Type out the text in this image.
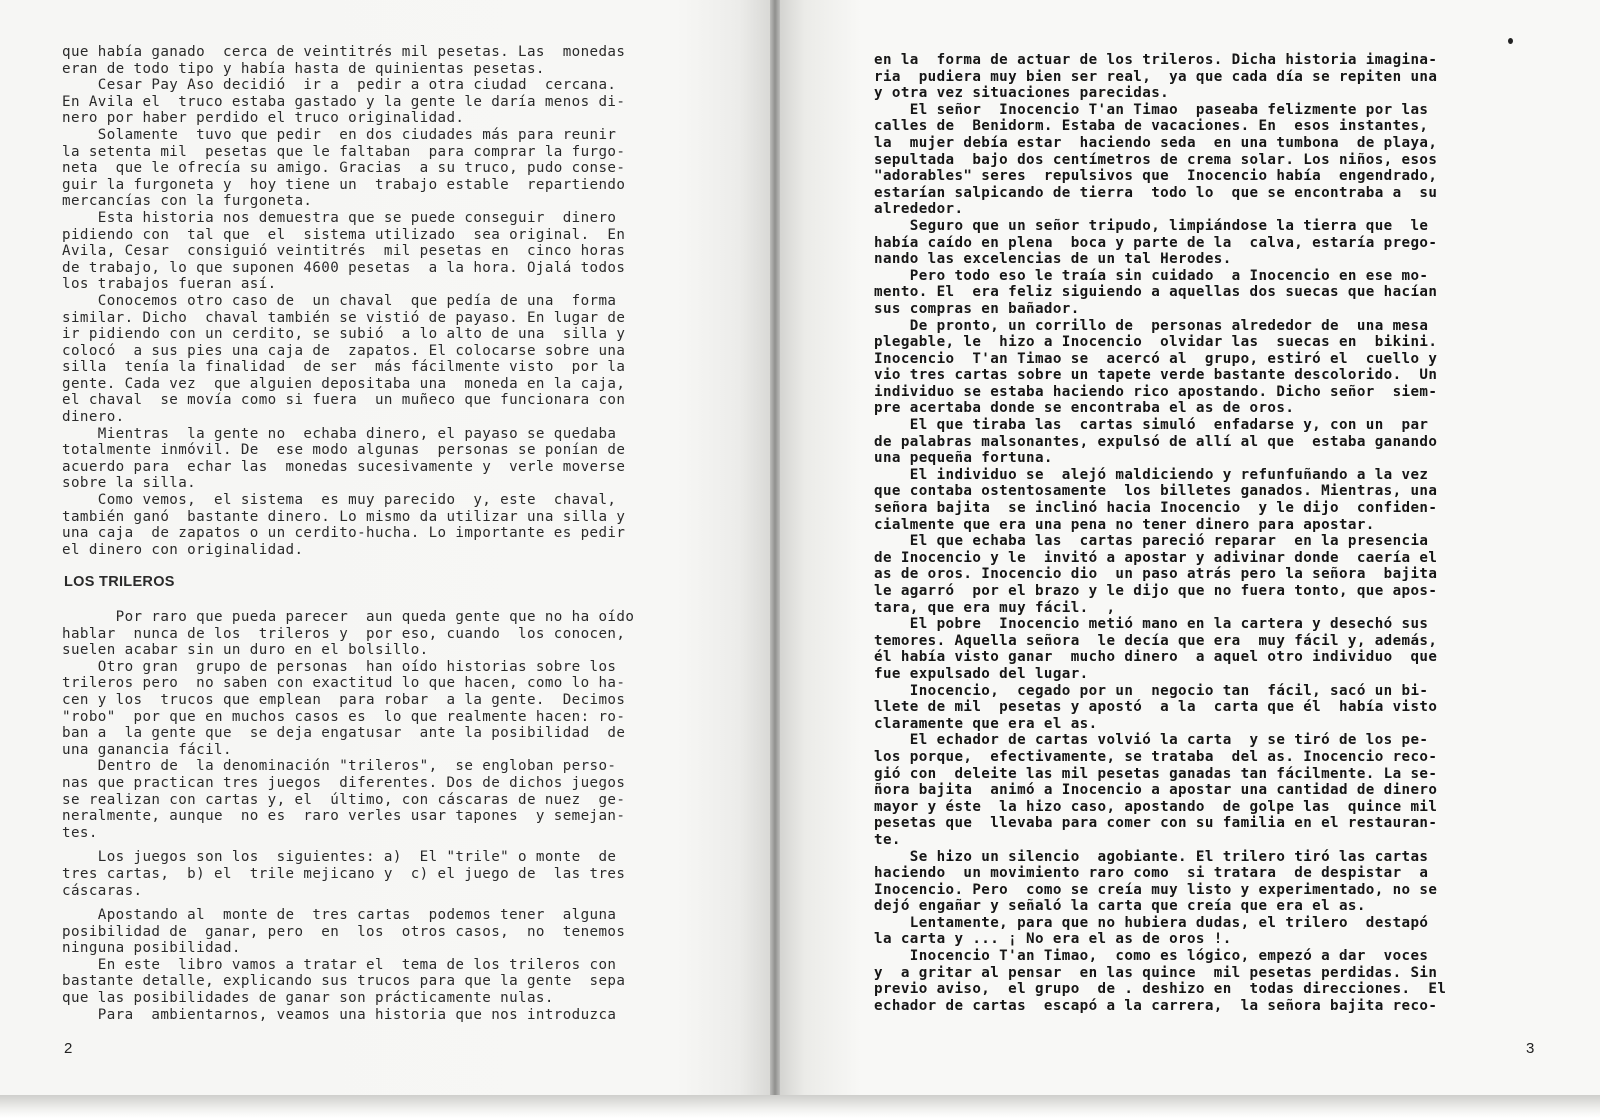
que había ganado  cerca de veintitrés mil pesetas. Las  monedas
eran de todo tipo y había hasta de quinientas pesetas.
Cesar Pay Aso decidió  ir a  pedir a otra ciudad  cercana.
En Avila el  truco estaba gastado y la gente le daría menos di-
nero por haber perdido el truco originalidad.
Solamente  tuvo que pedir  en dos ciudades más para reunir
la setenta mil  pesetas que le faltaban  para comprar la furgo-
neta  que le ofrecía su amigo. Gracias  a su truco, pudo conse-
guir la furgoneta y  hoy tiene un  trabajo estable  repartiendo
mercancías con la furgoneta.
Esta historia nos demuestra que se puede conseguir  dinero
pidiendo con  tal que  el  sistema utilizado  sea original.  En
Avila, Cesar  consiguió veintitrés  mil pesetas en  cinco horas
de trabajo, lo que suponen 4600 pesetas  a la hora. Ojalá todos
los trabajos fueran así.
Conocemos otro caso de  un chaval  que pedía de una  forma
similar. Dicho  chaval también se vistió de payaso. En lugar de
ir pidiendo con un cerdito, se subió  a lo alto de una  silla y
colocó  a sus pies una caja de  zapatos. El colocarse sobre una
silla  tenía la finalidad  de ser  más fácilmente visto  por la
gente. Cada vez  que alguien depositaba una  moneda en la caja,
el chaval  se movía como si fuera  un muñeco que funcionara con
dinero.
Mientras  la gente no  echaba dinero, el payaso se quedaba
totalmente inmóvil. De  ese modo algunas  personas se ponían de
acuerdo para  echar las  monedas sucesivamente y  verle moverse
sobre la silla.
Como vemos,  el sistema  es muy parecido  y, este  chaval,
también ganó  bastante dinero. Lo mismo da utilizar una silla y
una caja  de zapatos o un cerdito-hucha. Lo importante es pedir
el dinero con originalidad.
LOS TRILEROS
Por raro que pueda parecer  aun queda gente que no ha oído
hablar  nunca de los  trileros y  por eso, cuando  los conocen,
suelen acabar sin un duro en el bolsillo.
Otro gran  grupo de personas  han oído historias sobre los
trileros pero  no saben con exactitud lo que hacen, como lo ha-
cen y los  trucos que emplean  para robar  a la gente.  Decimos
"robo"  por que en muchos casos es  lo que realmente hacen: ro-
ban a  la gente que  se deja engatusar  ante la posibilidad  de
una ganancia fácil.
Dentro de  la denominación "trileros",  se engloban perso-
nas que practican tres juegos  diferentes. Dos de dichos juegos
se realizan con cartas y, el  último, con cáscaras de nuez  ge-
neralmente, aunque  no es  raro verles usar tapones  y semejan-
tes.
Los juegos son los  siguientes: a)  El "trile" o monte  de
tres cartas,  b) el  trile mejicano y  c) el juego de  las tres
cáscaras.
Apostando al  monte de  tres cartas  podemos tener  alguna
posibilidad de  ganar, pero  en  los  otros casos,  no  tenemos
ninguna posibilidad.
En este  libro vamos a tratar el  tema de los trileros con
bastante detalle, explicando sus trucos para que la gente  sepa
que las posibilidades de ganar son prácticamente nulas.
Para  ambientarnos, veamos una historia que nos introduzca
2
en la  forma de actuar de los trileros. Dicha historia imagina-
ria  pudiera muy bien ser real,  ya que cada día se repiten una
y otra vez situaciones parecidas.
El señor  Inocencio T'an Timao  paseaba felizmente por las
calles de  Benidorm. Estaba de vacaciones. En  esos instantes,
la  mujer debía estar  haciendo seda  en una tumbona  de playa,
sepultada  bajo dos centímetros de crema solar. Los niños, esos
"adorables" seres  repulsivos que  Inocencio había  engendrado,
estarían salpicando de tierra  todo lo  que se encontraba a  su
alrededor.
Seguro que un señor tripudo, limpiándose la tierra que  le
había caído en plena  boca y parte de la  calva, estaría prego-
nando las excelencias de un tal Herodes.
Pero todo eso le traía sin cuidado  a Inocencio en ese mo-
mento. El  era feliz siguiendo a aquellas dos suecas que hacían
sus compras en bañador.
De pronto, un corrillo de  personas alrededor de  una mesa
plegable, le  hizo a Inocencio  olvidar las  suecas en  bikini.
Inocencio  T'an Timao se  acercó al  grupo, estiró el  cuello y
vio tres cartas sobre un tapete verde bastante descolorido.  Un
individuo se estaba haciendo rico apostando. Dicho señor  siem-
pre acertaba donde se encontraba el as de oros.
El que tiraba las  cartas simuló  enfadarse y, con un  par
de palabras malsonantes, expulsó de allí al que  estaba ganando
una pequeña fortuna.
El individuo se  alejó maldiciendo y refunfuñando a la vez
que contaba ostentosamente  los billetes ganados. Mientras, una
señora bajita  se inclinó hacia Inocencio  y le dijo  confiden-
cialmente que era una pena no tener dinero para apostar.
El que echaba las  cartas pareció reparar  en la presencia
de Inocencio y le  invitó a apostar y adivinar donde  caería el
as de oros. Inocencio dio  un paso atrás pero la señora  bajita
le agarró  por el brazo y le dijo que no fuera tonto, que apos-
tara, que era muy fácil.  ,
El pobre  Inocencio metió mano en la cartera y desechó sus
temores. Aquella señora  le decía que era  muy fácil y, además,
él había visto ganar  mucho dinero  a aquel otro individuo  que
fue expulsado del lugar.
Inocencio,  cegado por un  negocio tan  fácil, sacó un bi-
llete de mil  pesetas y apostó  a la  carta que él  había visto
claramente que era el as.
El echador de cartas volvió la carta  y se tiró de los pe-
los porque,  efectivamente, se trataba  del as. Inocencio reco-
gió con  deleite las mil pesetas ganadas tan fácilmente. La se-
ñora bajita  animó a Inocencio a apostar una cantidad de dinero
mayor y éste  la hizo caso, apostando  de golpe las  quince mil
pesetas que  llevaba para comer con su familia en el restauran-
te.
Se hizo un silencio  agobiante. El trilero tiró las cartas
haciendo  un movimiento raro como  si tratara  de despistar  a
Inocencio. Pero  como se creía muy listo y experimentado, no se
dejó engañar y señaló la carta que creía que era el as.
Lentamente, para que no hubiera dudas, el trilero  destapó
la carta y ... ¡ No era el as de oros !.
Inocencio T'an Timao,  como es lógico, empezó a dar  voces
y  a gritar al pensar  en las quince  mil pesetas perdidas. Sin
previo aviso,  el grupo  de . deshizo en  todas direcciones.  El
echador de cartas  escapó a la carrera,  la señora bajita reco-
3
